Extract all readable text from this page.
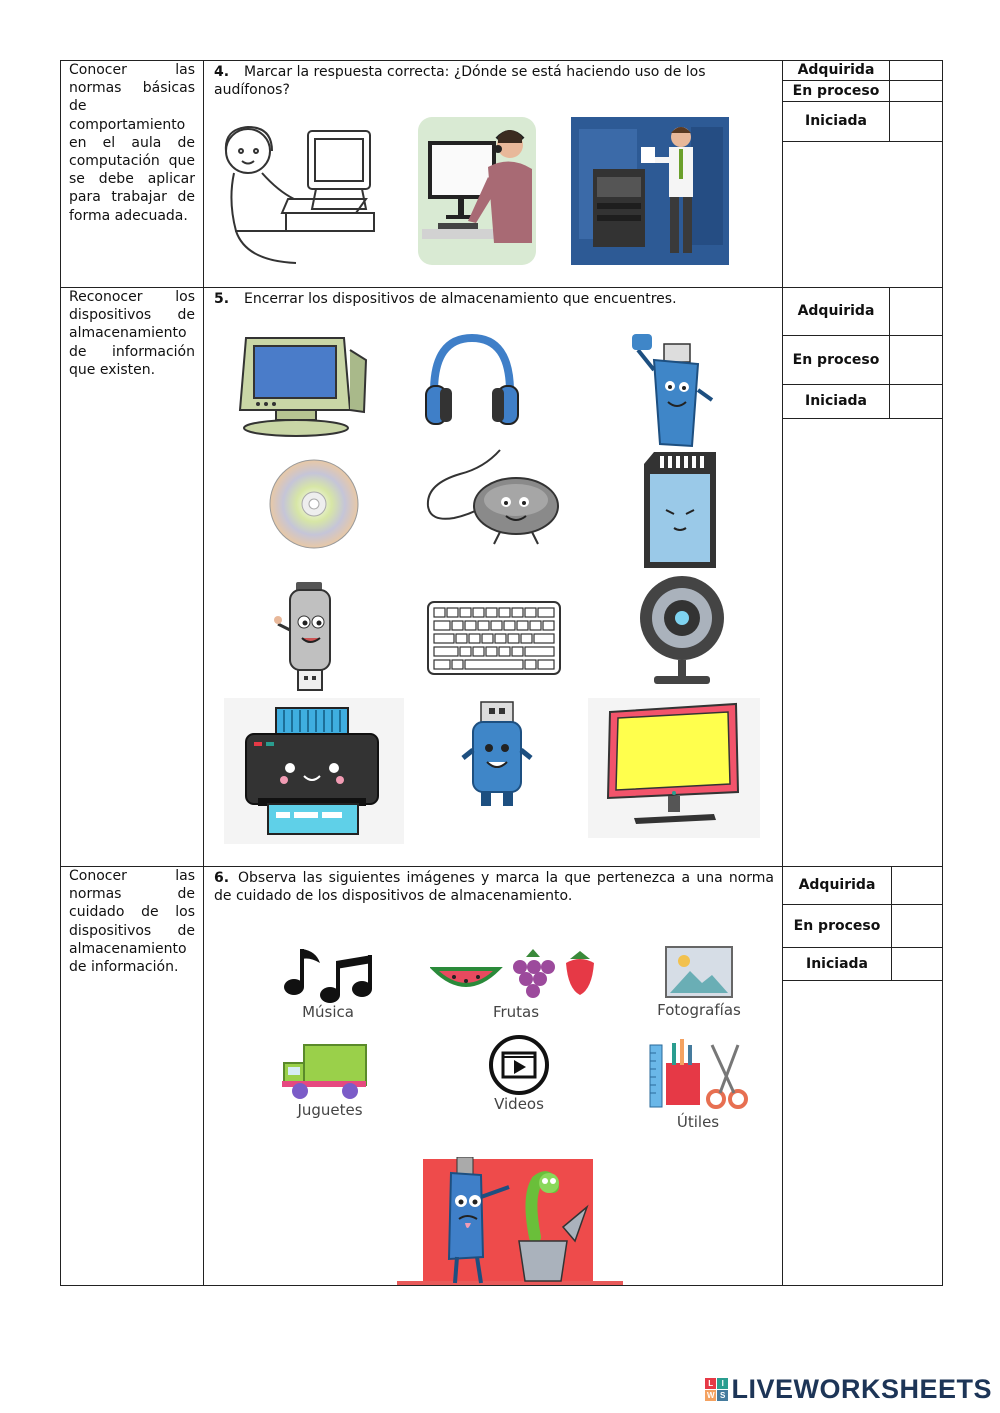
Conocer las normas básicas de comportamiento en el aula de computación que se debe aplicar para trabajar de forma adecuada.

4. Marcar la respuesta correcta: ¿Dónde se está haciendo uso de los audífonos?

Adquirida	
En proceso	
Iniciada	

Reconocer los dispositivos de almacenamiento de información que existen.

5. Encerrar los dispositivos de almacenamiento que encuentres.

Adquirida	
En proceso	
Iniciada	

Conocer las normas de cuidado de los dispositivos de almacenamiento de información.

6. Observa las siguientes imágenes y marca la que pertenezca a una norma de cuidado de los dispositivos de almacenamiento.
Música	Frutas	Fotografías
Juguetes	Videos
Útiles

Adquirida	
En proceso	
Iniciada	
L I
W S LIVEWORKSHEETS
